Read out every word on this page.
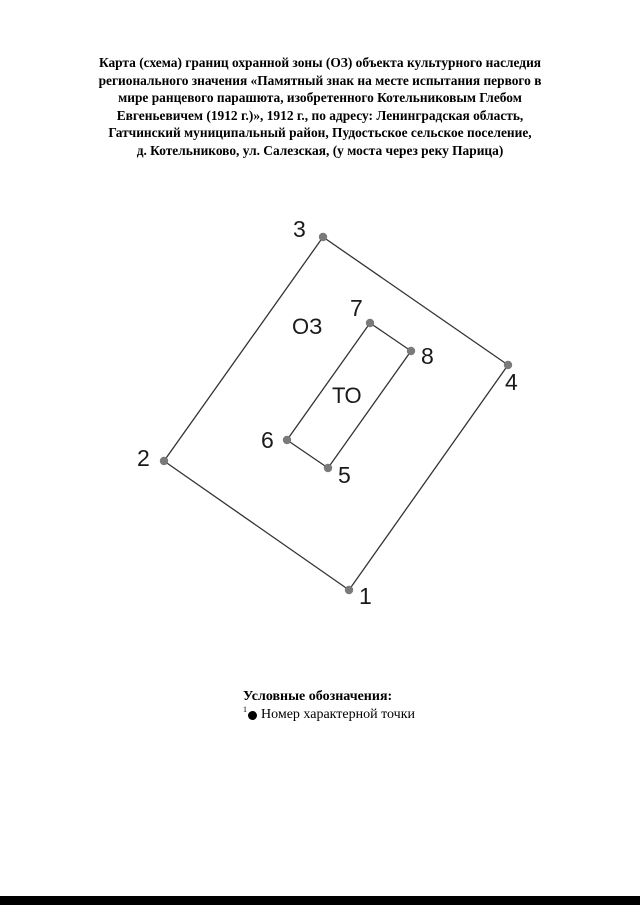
Карта (схема) границ охранной зоны (ОЗ) объекта культурного наследия
регионального значения «Памятный знак на месте испытания первого в
мире ранцевого парашюта, изобретенного Котельниковым Глебом
Евгеньевичем (1912 г.)», 1912 г., по адресу: Ленинградская область,
Гатчинский муниципальный район, Пудостьское сельское поселение,
д. Котельниково, ул. Салезская, (у моста через реку Парица)
1
2
3
4
5
6
7
8
ОЗ
ТО
Условные обозначения:
1 Номер характерной точки
